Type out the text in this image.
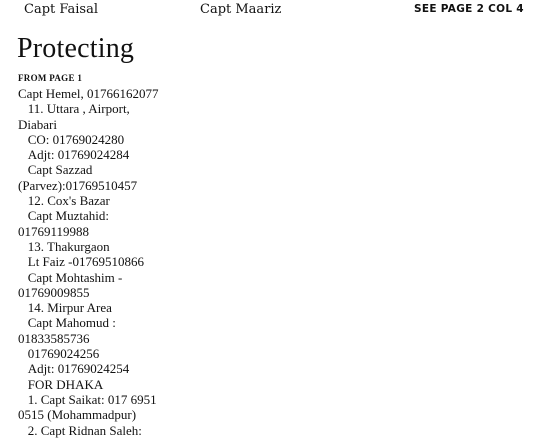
Capt Faisal	Capt Maariz	SEE PAGE 2 COL 4
Protecting
FROM PAGE 1
Capt Hemel, 01766162077
11. Uttara , Airport,
Diabari
CO: 01769024280
Adjt: 01769024284
Capt Sazzad
(Parvez):01769510457
12. Cox's Bazar
Capt Muztahid:
01769119988
13. Thakurgaon
Lt Faiz -01769510866
Capt Mohtashim -
01769009855
14. Mirpur Area
Capt Mahomud :
01833585736
01769024256
Adjt: 01769024254
FOR DHAKA
1. Capt Saikat: 017 6951
0515 (Mohammadpur)
2. Capt Ridnan Saleh:
